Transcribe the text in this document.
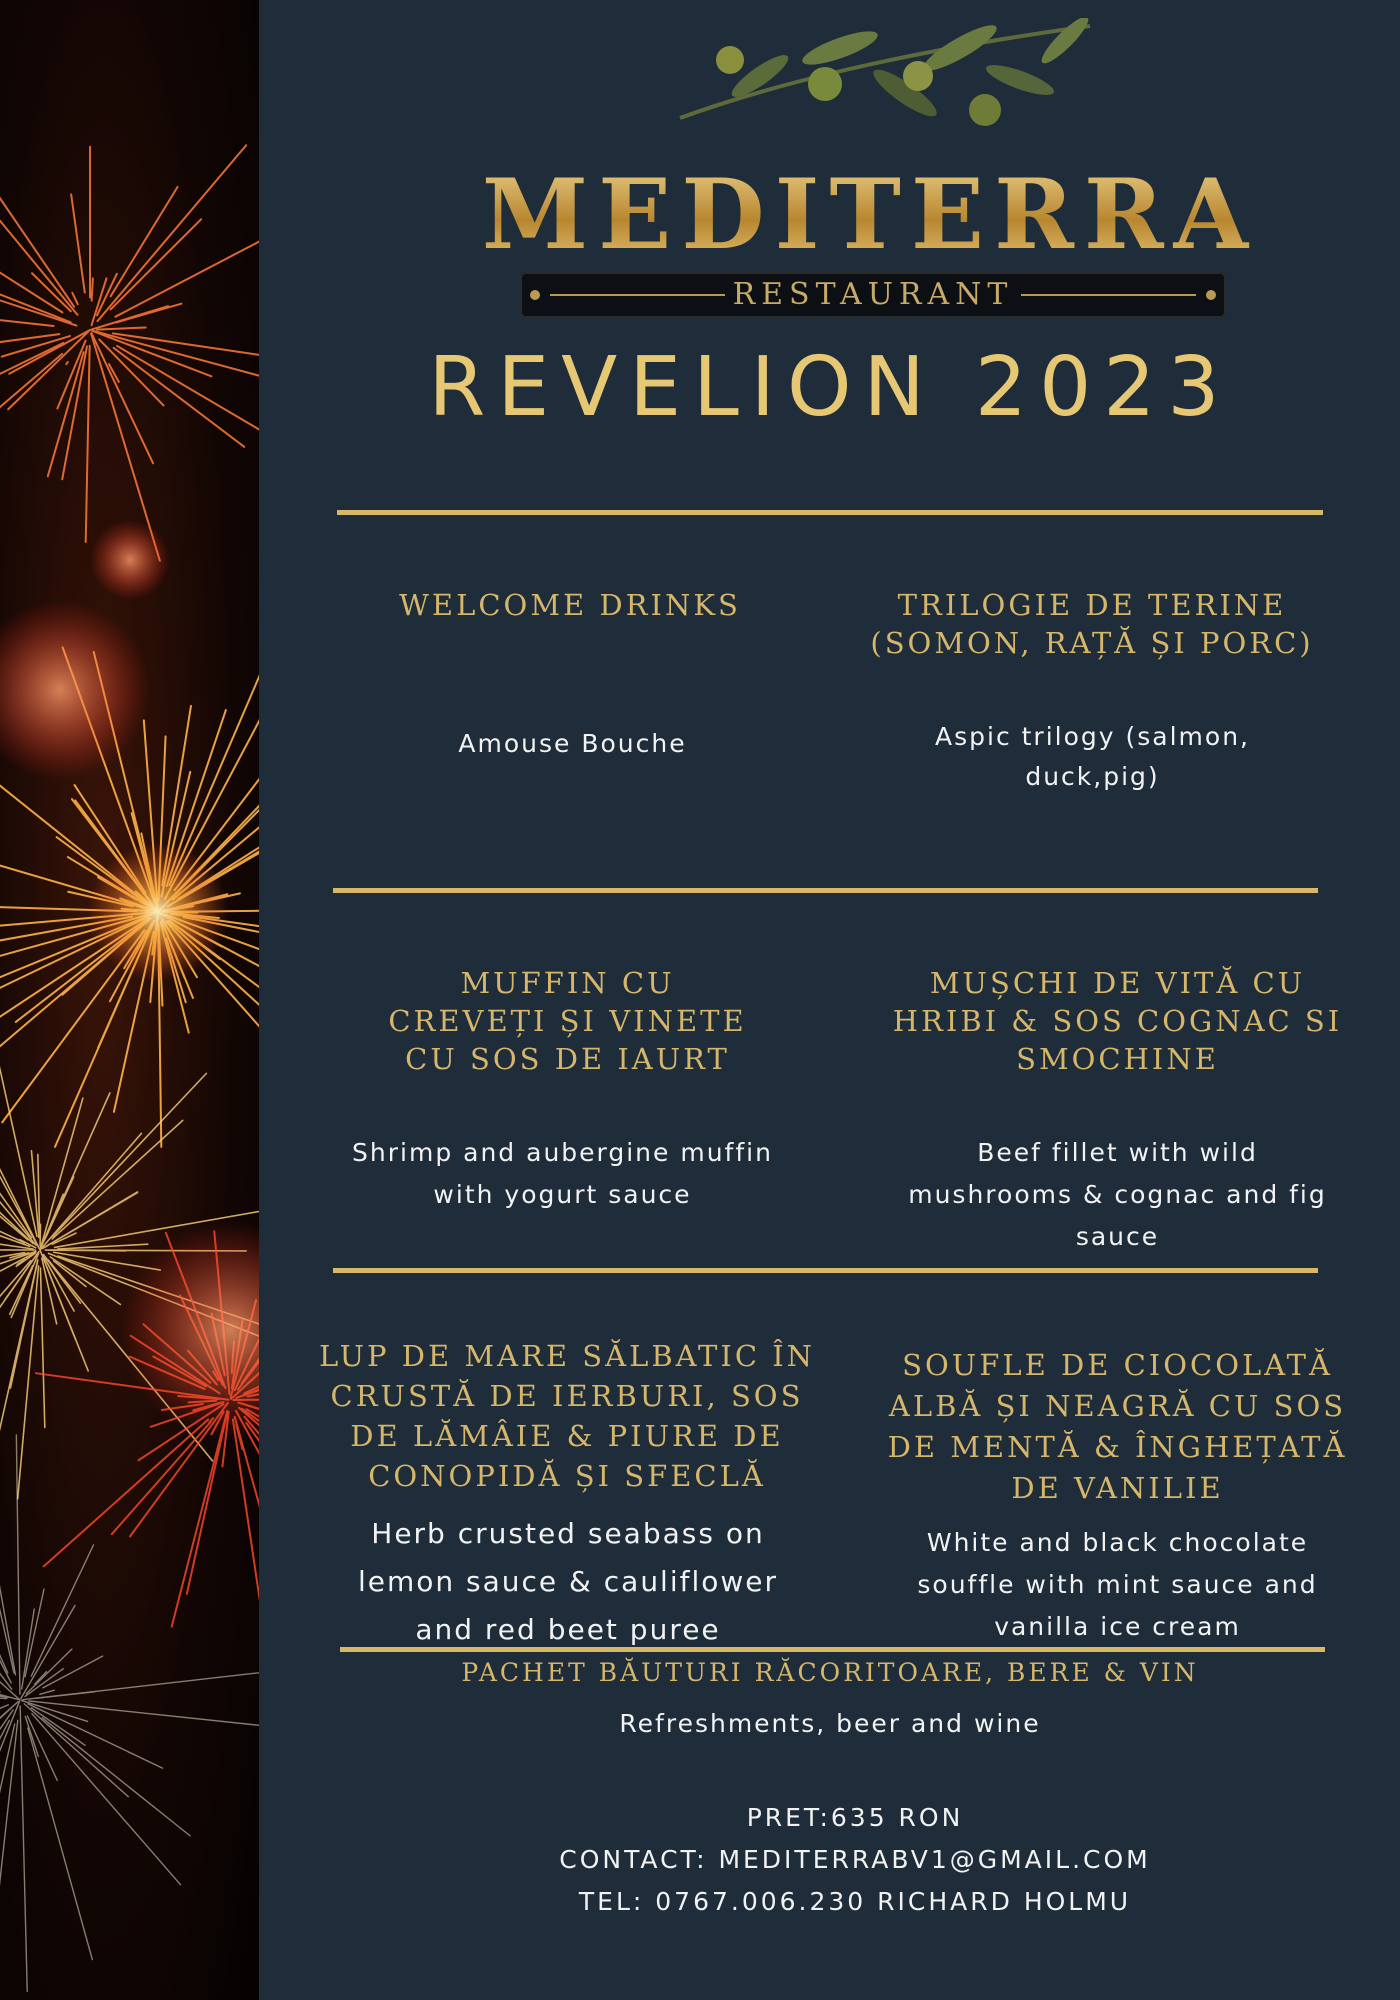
MEDITERRA
RESTAURANT
REVELION 2023
WELCOME DRINKS	TRILOGIE DE TERINE (SOMON, RAȚĂ ȘI PORC)
Amouse Bouche	Aspic trilogy (salmon, duck,pig)
MUFFIN CU CREVEȚI ȘI VINETE CU SOS DE IAURT
MUȘCHI DE VITĂ CU HRIBI & SOS COGNAC SI SMOCHINE
Shrimp and aubergine muffin with yogurt sauce
Beef fillet with wild mushrooms & cognac and fig sauce
LUP DE MARE SĂLBATIC ÎN CRUSTĂ DE IERBURI, SOS DE LĂMÂIE & PIURE DE CONOPIDĂ ȘI SFECLĂ
SOUFLE DE CIOCOLATĂ ALBĂ ȘI NEAGRĂ CU SOS DE MENTĂ & ÎNGHEȚATĂ DE VANILIE
Herb crusted seabass on lemon sauce & cauliflower and red beet puree
White and black chocolate souffle with mint sauce and vanilla ice cream
PACHET BĂUTURI RĂCORITOARE, BERE & VIN
Refreshments, beer and wine
PRET:635 RON
CONTACT: MEDITERRABV1@GMAIL.COM
TEL: 0767.006.230 RICHARD HOLMU
